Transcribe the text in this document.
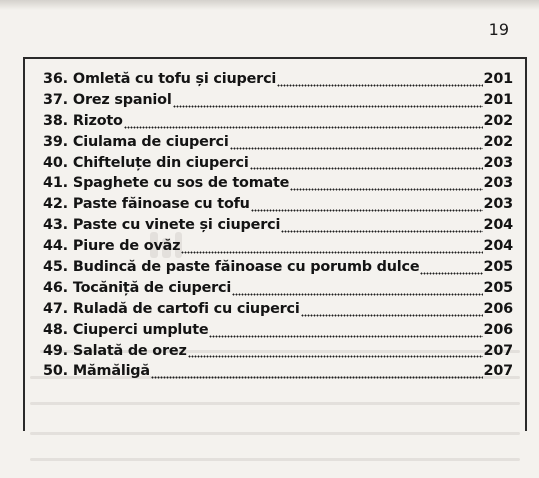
19
36. Omletă cu tofu și ciuperci	201
37. Orez spaniol	201
38. Rizoto	202
39. Ciulama de ciuperci	202
40. Chifteluțe din ciuperci	203
41. Spaghete cu sos de tomate	203
42. Paste făinoase cu tofu	203
43. Paste cu vinete și ciuperci	204
44. Piure de ovăz	204
45. Budincă de paste făinoase cu porumb dulce	205
46. Tocăniță de ciuperci	205
47. Ruladă de cartofi cu ciuperci	206
48. Ciuperci umplute	206
49. Salată de orez	207
50. Mămăligă	207
